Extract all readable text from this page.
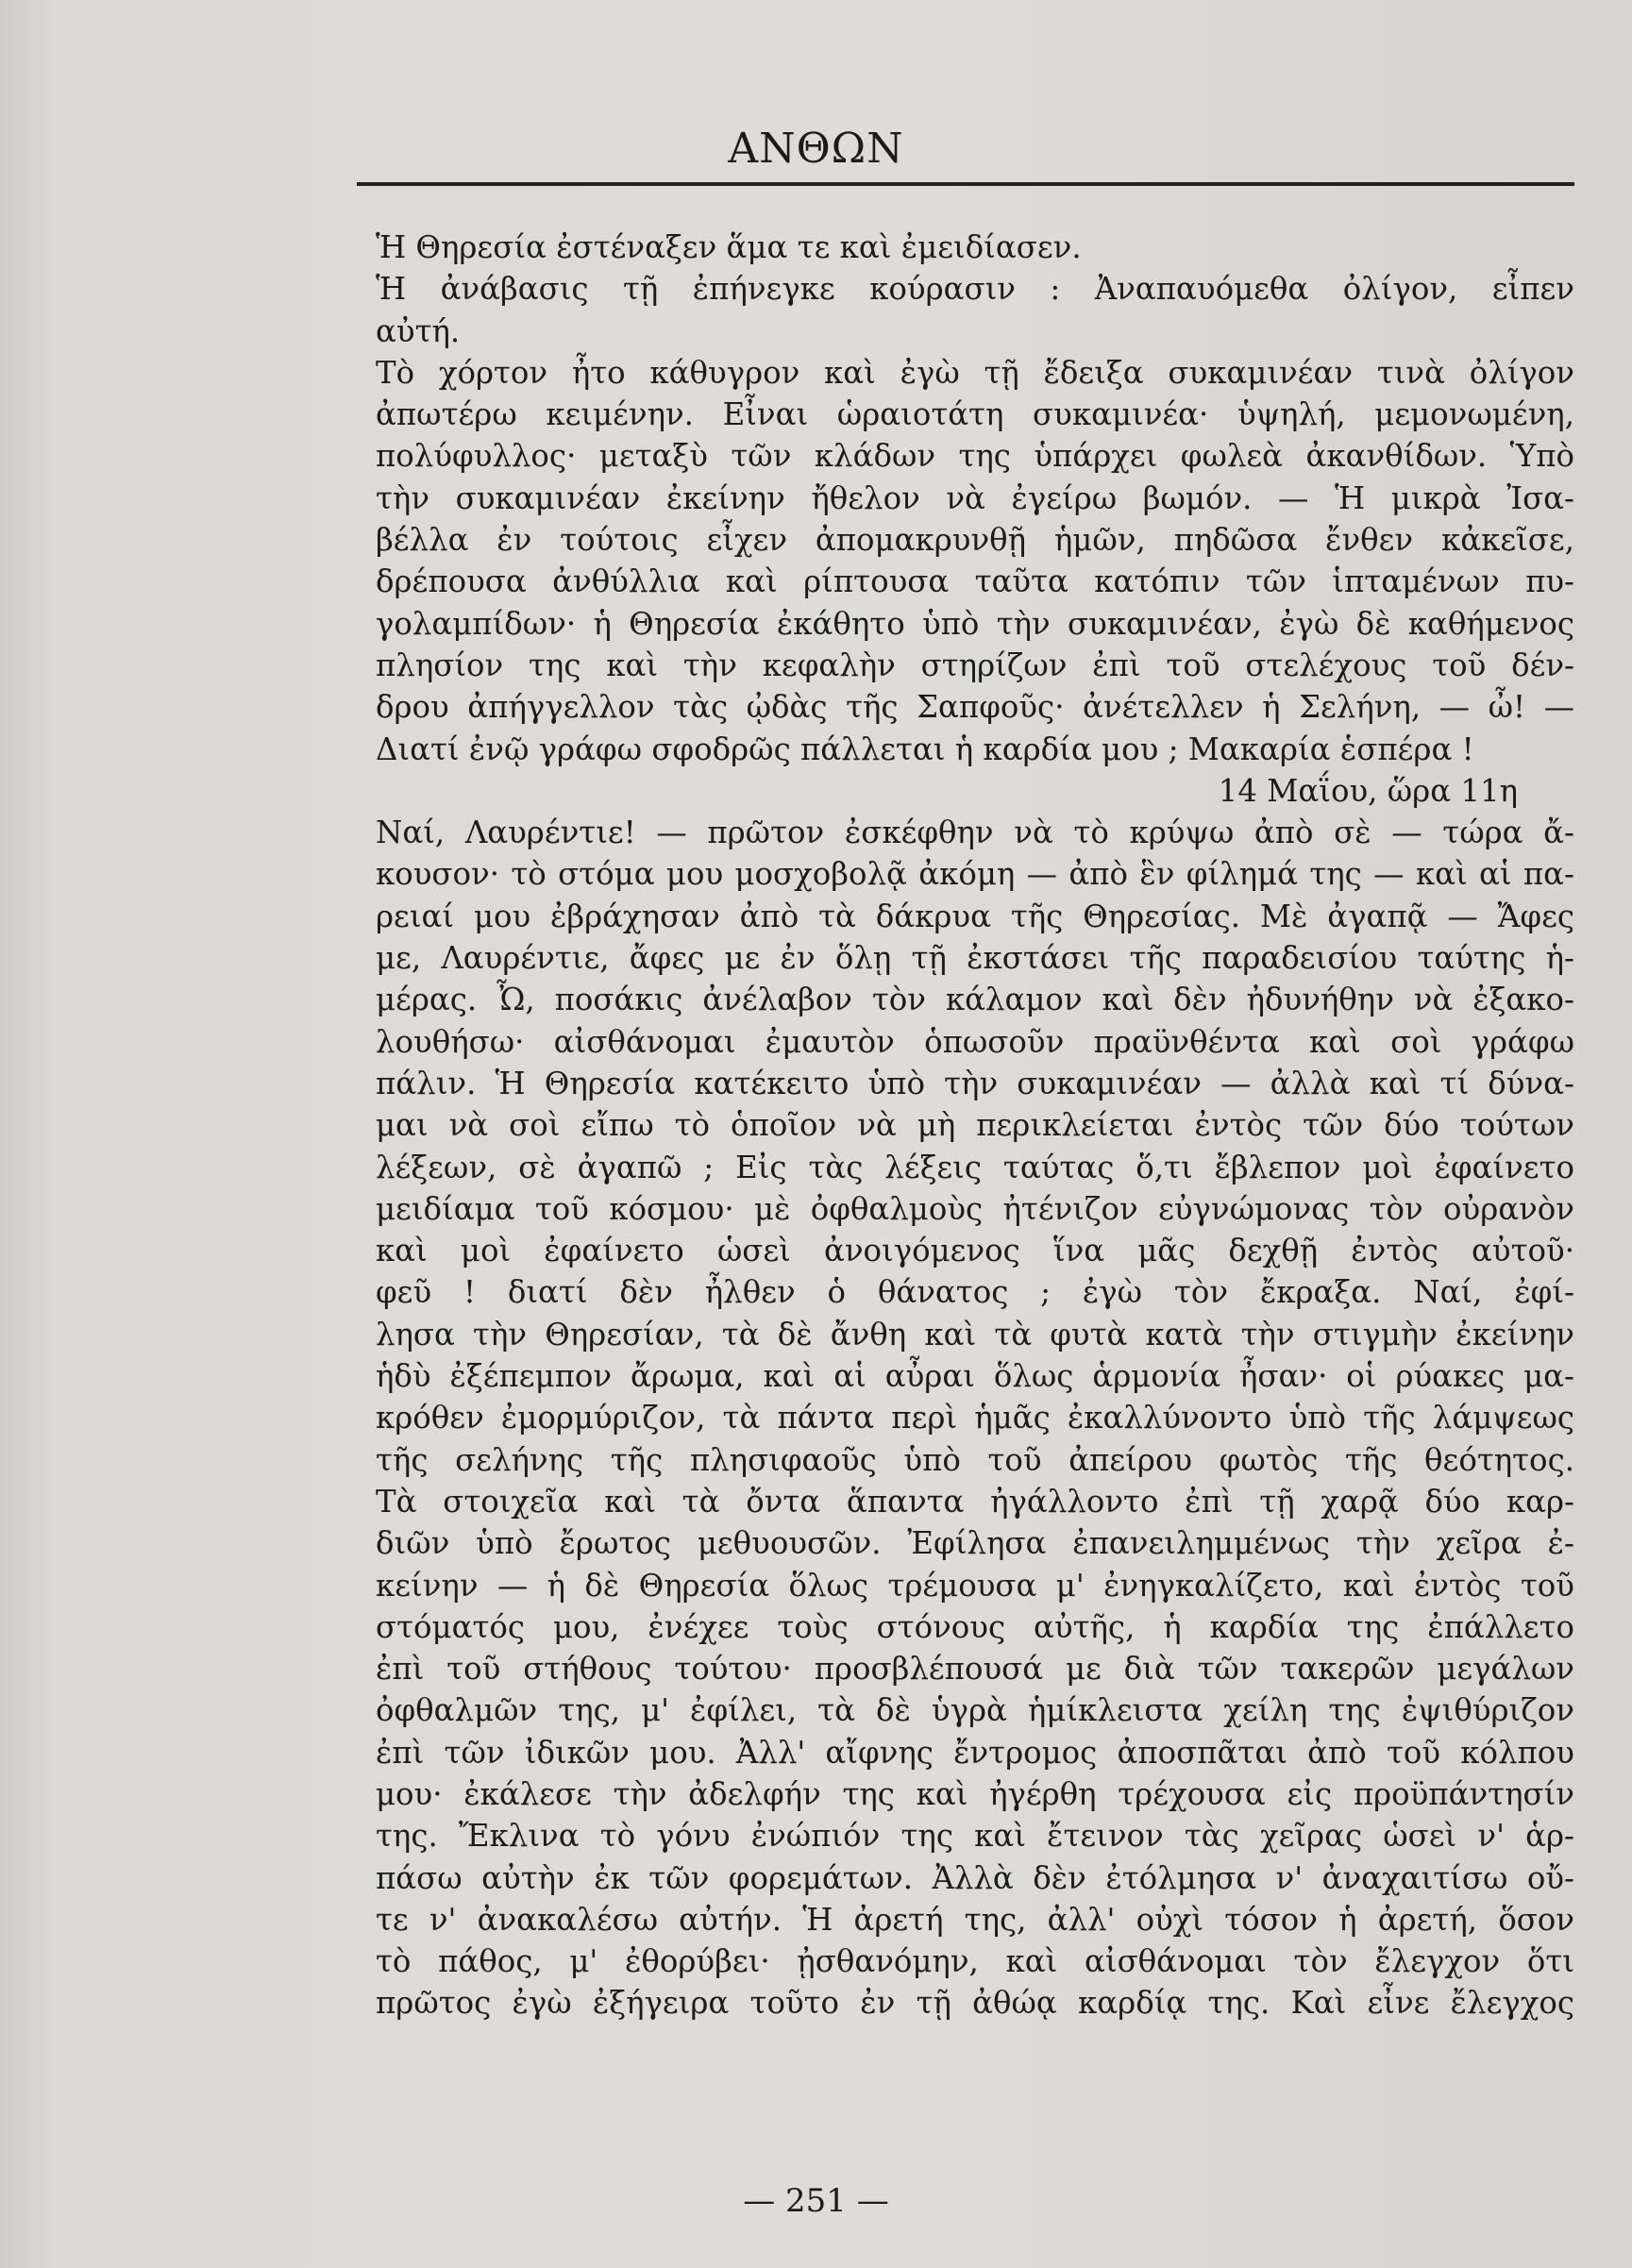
ΑΝΘΩΝ
Ἡ Θηρεσία ἐστέναξεν ἅμα τε καὶ ἐμειδίασεν.
Ἡ ἀνάβασις τῇ ἐπήνεγκε κούρασιν : Ἀναπαυόμεθα ὀλίγον, εἶπεν
αὐτή.
Τὸ χόρτον ἦτο κάθυγρον καὶ ἐγὼ τῇ ἔδειξα συκαμινέαν τινὰ ὀλίγον
ἀπωτέρω κειμένην. Εἶναι ὡραιοτάτη συκαμινέα· ὑψηλή, μεμονωμένη,
πολύφυλλος· μεταξὺ τῶν κλάδων της ὑπάρχει φωλεὰ ἀκανθίδων. Ὑπὸ
τὴν συκαμινέαν ἐκείνην ἤθελον νὰ ἐγείρω βωμόν. — Ἡ μικρὰ Ἰσα-
βέλλα ἐν τούτοις εἶχεν ἀπομακρυνθῇ ἡμῶν, πηδῶσα ἔνθεν κἀκεῖσε,
δρέπουσα ἀνθύλλια καὶ ρίπτουσα ταῦτα κατόπιν τῶν ἱπταμένων πυ-
γολαμπίδων· ἡ Θηρεσία ἐκάθητο ὑπὸ τὴν συκαμινέαν, ἐγὼ δὲ καθήμενος
πλησίον της καὶ τὴν κεφαλὴν στηρίζων ἐπὶ τοῦ στελέχους τοῦ δέν-
δρου ἀπήγγελλον τὰς ᾠδὰς τῆς Σαπφοῦς· ἀνέτελλεν ἡ Σελήνη, — ὦ! —
Διατί ἐνῷ γράφω σφοδρῶς πάλλεται ἡ καρδία μου ; Μακαρία ἑσπέρα !
14 Μαΐου, ὥρα 11η
Ναί, Λαυρέντιε! — πρῶτον ἐσκέφθην νὰ τὸ κρύψω ἀπὸ σὲ — τώρα ἄ-
κουσον· τὸ στόμα μου μοσχοβολᾷ ἀκόμη — ἀπὸ ἓν φίλημά της — καὶ αἱ πα-
ρειαί μου ἐβράχησαν ἀπὸ τὰ δάκρυα τῆς Θηρεσίας. Μὲ ἀγαπᾷ — Ἄφες
με, Λαυρέντιε, ἄφες με ἐν ὅλῃ τῇ ἐκστάσει τῆς παραδεισίου ταύτης ἡ-
μέρας. Ὦ, ποσάκις ἀνέλαβον τὸν κάλαμον καὶ δὲν ἠδυνήθην νὰ ἐξακο-
λουθήσω· αἰσθάνομαι ἐμαυτὸν ὁπωσοῦν πραϋνθέντα καὶ σοὶ γράφω
πάλιν. Ἡ Θηρεσία κατέκειτο ὑπὸ τὴν συκαμινέαν — ἀλλὰ καὶ τί δύνα-
μαι νὰ σοὶ εἴπω τὸ ὁποῖον νὰ μὴ περικλείεται ἐντὸς τῶν δύο τούτων
λέξεων, σὲ ἀγαπῶ ; Εἰς τὰς λέξεις ταύτας ὅ,τι ἔβλεπον μοὶ ἐφαίνετο
μειδίαμα τοῦ κόσμου· μὲ ὀφθαλμοὺς ἠτένιζον εὐγνώμονας τὸν οὐρανὸν
καὶ μοὶ ἐφαίνετο ὡσεὶ ἀνοιγόμενος ἵνα μᾶς δεχθῇ ἐντὸς αὐτοῦ·
φεῦ ! διατί δὲν ἦλθεν ὁ θάνατος ; ἐγὼ τὸν ἔκραξα. Ναί, ἐφί-
λησα τὴν Θηρεσίαν, τὰ δὲ ἄνθη καὶ τὰ φυτὰ κατὰ τὴν στιγμὴν ἐκείνην
ἡδὺ ἐξέπεμπον ἄρωμα, καὶ αἱ αὖραι ὅλως ἁρμονία ἦσαν· οἱ ρύακες μα-
κρόθεν ἐμορμύριζον, τὰ πάντα περὶ ἡμᾶς ἐκαλλύνοντο ὑπὸ τῆς λάμψεως
τῆς σελήνης τῆς πλησιφαοῦς ὑπὸ τοῦ ἀπείρου φωτὸς τῆς θεότητος.
Τὰ στοιχεῖα καὶ τὰ ὄντα ἅπαντα ἠγάλλοντο ἐπὶ τῇ χαρᾷ δύο καρ-
διῶν ὑπὸ ἔρωτος μεθυουσῶν. Ἐφίλησα ἐπανειλημμένως τὴν χεῖρα ἐ-
κείνην — ἡ δὲ Θηρεσία ὅλως τρέμουσα μ' ἐνηγκαλίζετο, καὶ ἐντὸς τοῦ
στόματός μου, ἐνέχεε τοὺς στόνους αὐτῆς, ἡ καρδία της ἐπάλλετο
ἐπὶ τοῦ στήθους τούτου· προσβλέπουσά με διὰ τῶν τακερῶν μεγάλων
ὀφθαλμῶν της, μ' ἐφίλει, τὰ δὲ ὑγρὰ ἡμίκλειστα χείλη της ἐψιθύριζον
ἐπὶ τῶν ἰδικῶν μου. Ἀλλ' αἴφνης ἔντρομος ἀποσπᾶται ἀπὸ τοῦ κόλπου
μου· ἐκάλεσε τὴν ἀδελφήν της καὶ ἠγέρθη τρέχουσα εἰς προϋπάντησίν
της. Ἔκλινα τὸ γόνυ ἐνώπιόν της καὶ ἔτεινον τὰς χεῖρας ὡσεὶ ν' ἁρ-
πάσω αὐτὴν ἐκ τῶν φορεμάτων. Ἀλλὰ δὲν ἐτόλμησα ν' ἀναχαιτίσω οὔ-
τε ν' ἀνακαλέσω αὐτήν. Ἡ ἀρετή της, ἀλλ' οὐχὶ τόσον ἡ ἀρετή, ὅσον
τὸ πάθος, μ' ἐθορύβει· ᾐσθανόμην, καὶ αἰσθάνομαι τὸν ἔλεγχον ὅτι
πρῶτος ἐγὼ ἐξήγειρα τοῦτο ἐν τῇ ἀθώᾳ καρδίᾳ της. Καὶ εἶνε ἔλεγχος
— 251 —
